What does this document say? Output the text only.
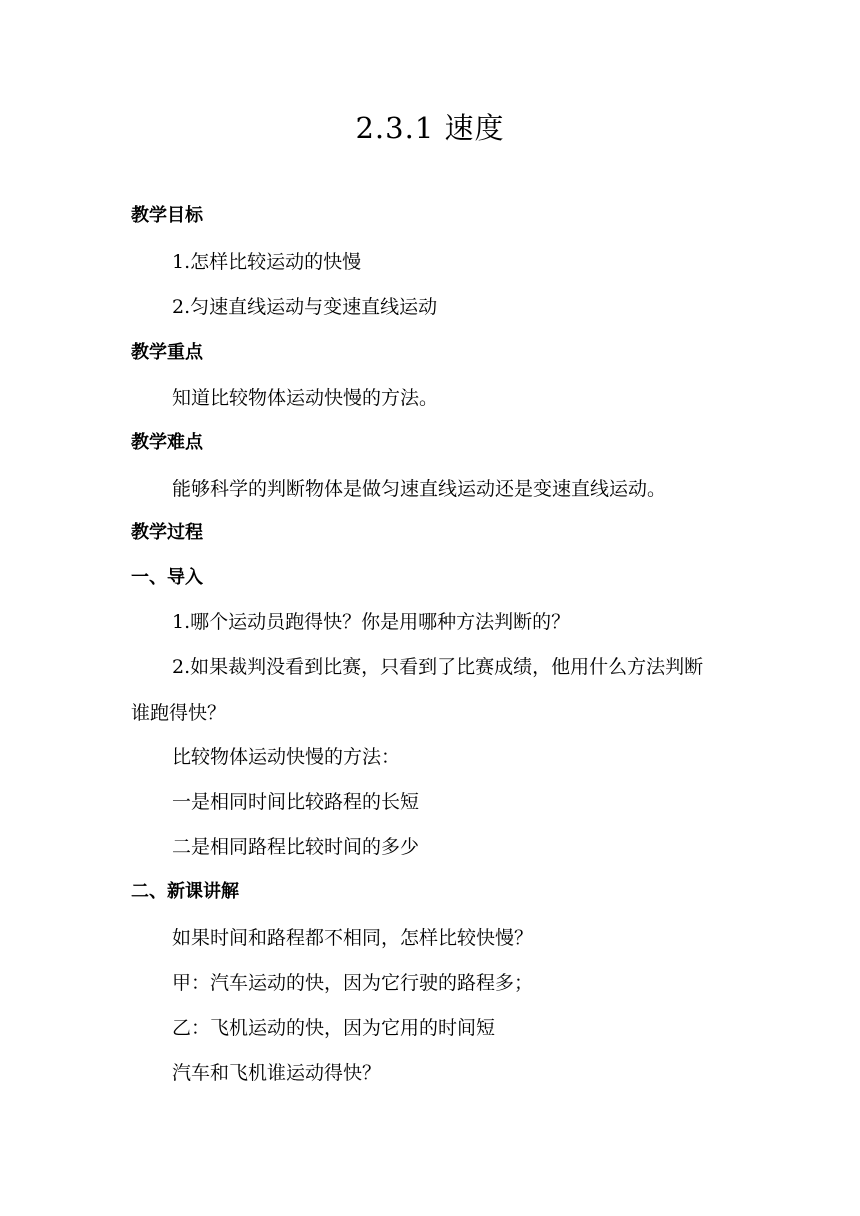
2.3.1 速度
教学目标
1.怎样比较运动的快慢
2.匀速直线运动与变速直线运动
教学重点
知道比较物体运动快慢的方法。
教学难点
能够科学的判断物体是做匀速直线运动还是变速直线运动。
教学过程
一、导入
1.哪个运动员跑得快？你是用哪种方法判断的？
2.如果裁判没看到比赛，只看到了比赛成绩，他用什么方法判断
谁跑得快？
比较物体运动快慢的方法：
一是相同时间比较路程的长短
二是相同路程比较时间的多少
二、新课讲解
如果时间和路程都不相同，怎样比较快慢？
甲：汽车运动的快，因为它行驶的路程多；
乙：飞机运动的快，因为它用的时间短
汽车和飞机谁运动得快？
